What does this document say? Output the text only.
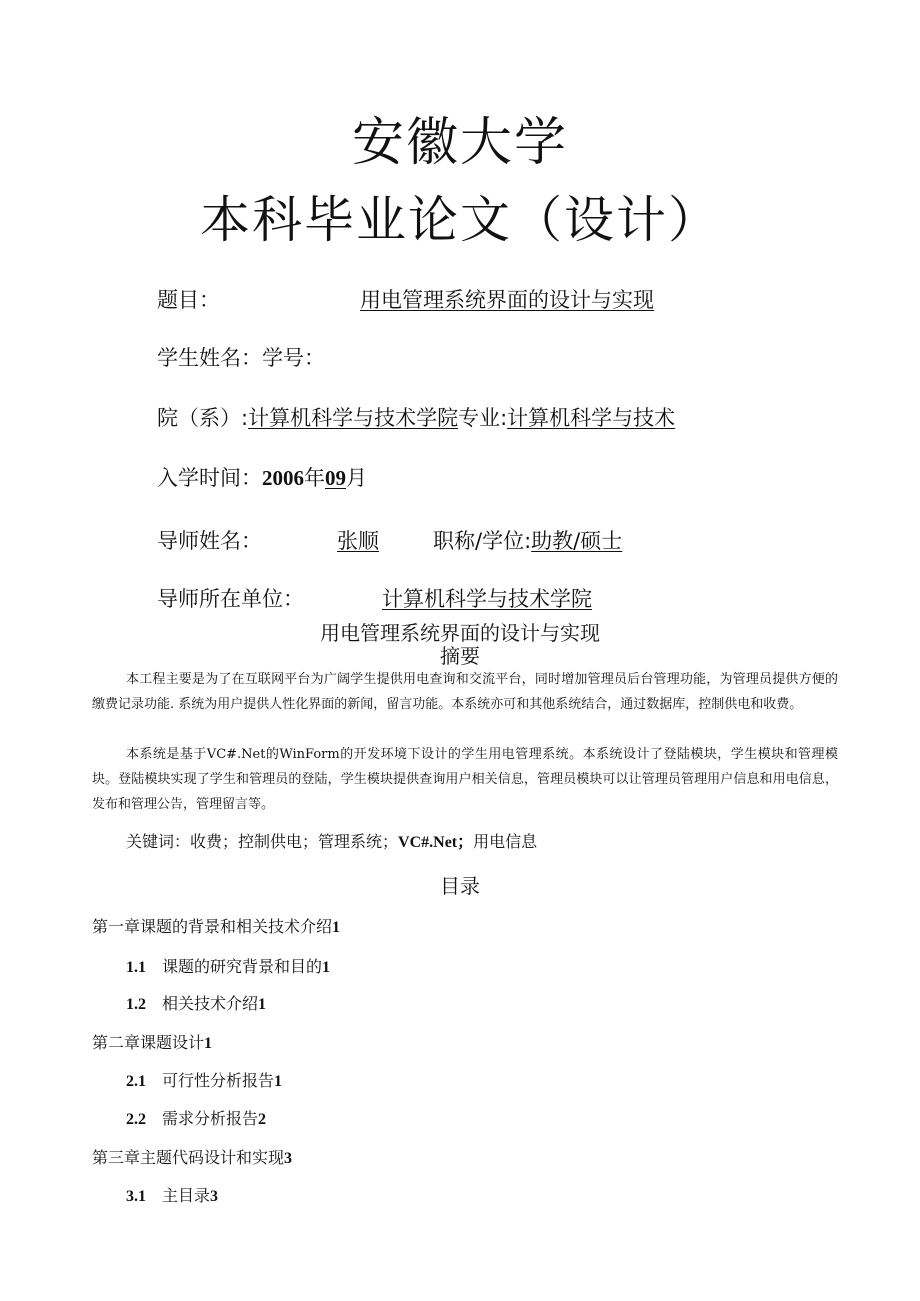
安徽大学
本科毕业论文（设计）
题目：	用电管理系统界面的设计与实现
学生姓名：学号：
院（系）:计算机科学与技术学院专业:计算机科学与技术
入学时间：2006年09月
导师姓名：	张顺	职称/学位:助教/硕士
导师所在单位：	计算机科学与技术学院
用电管理系统界面的设计与实现
摘要
本工程主要是为了在互联网平台为广阔学生提供用电查询和交流平台，同时增加管理员后台管理功能，为管理员提供方便的缴费记录功能. 系统为用户提供人性化界面的新闻，留言功能。本系统亦可和其他系统结合，通过数据库，控制供电和收费。
本系统是基于VC#.Net的WinForm的开发环境下设计的学生用电管理系统。本系统设计了登陆模块，学生模块和管理模块。登陆模块实现了学生和管理员的登陆，学生模块提供查询用户相关信息，管理员模块可以让管理员管理用户信息和用电信息，发布和管理公告，管理留言等。
关键词：收费；控制供电；管理系统；VC#.Net；用电信息
目录
第一章课题的背景和相关技术介绍1
1.1 课题的研究背景和目的1
1.2 相关技术介绍1
第二章课题设计1
2.1 可行性分析报告1
2.2 需求分析报告2
第三章主题代码设计和实现3
3.1 主目录3
